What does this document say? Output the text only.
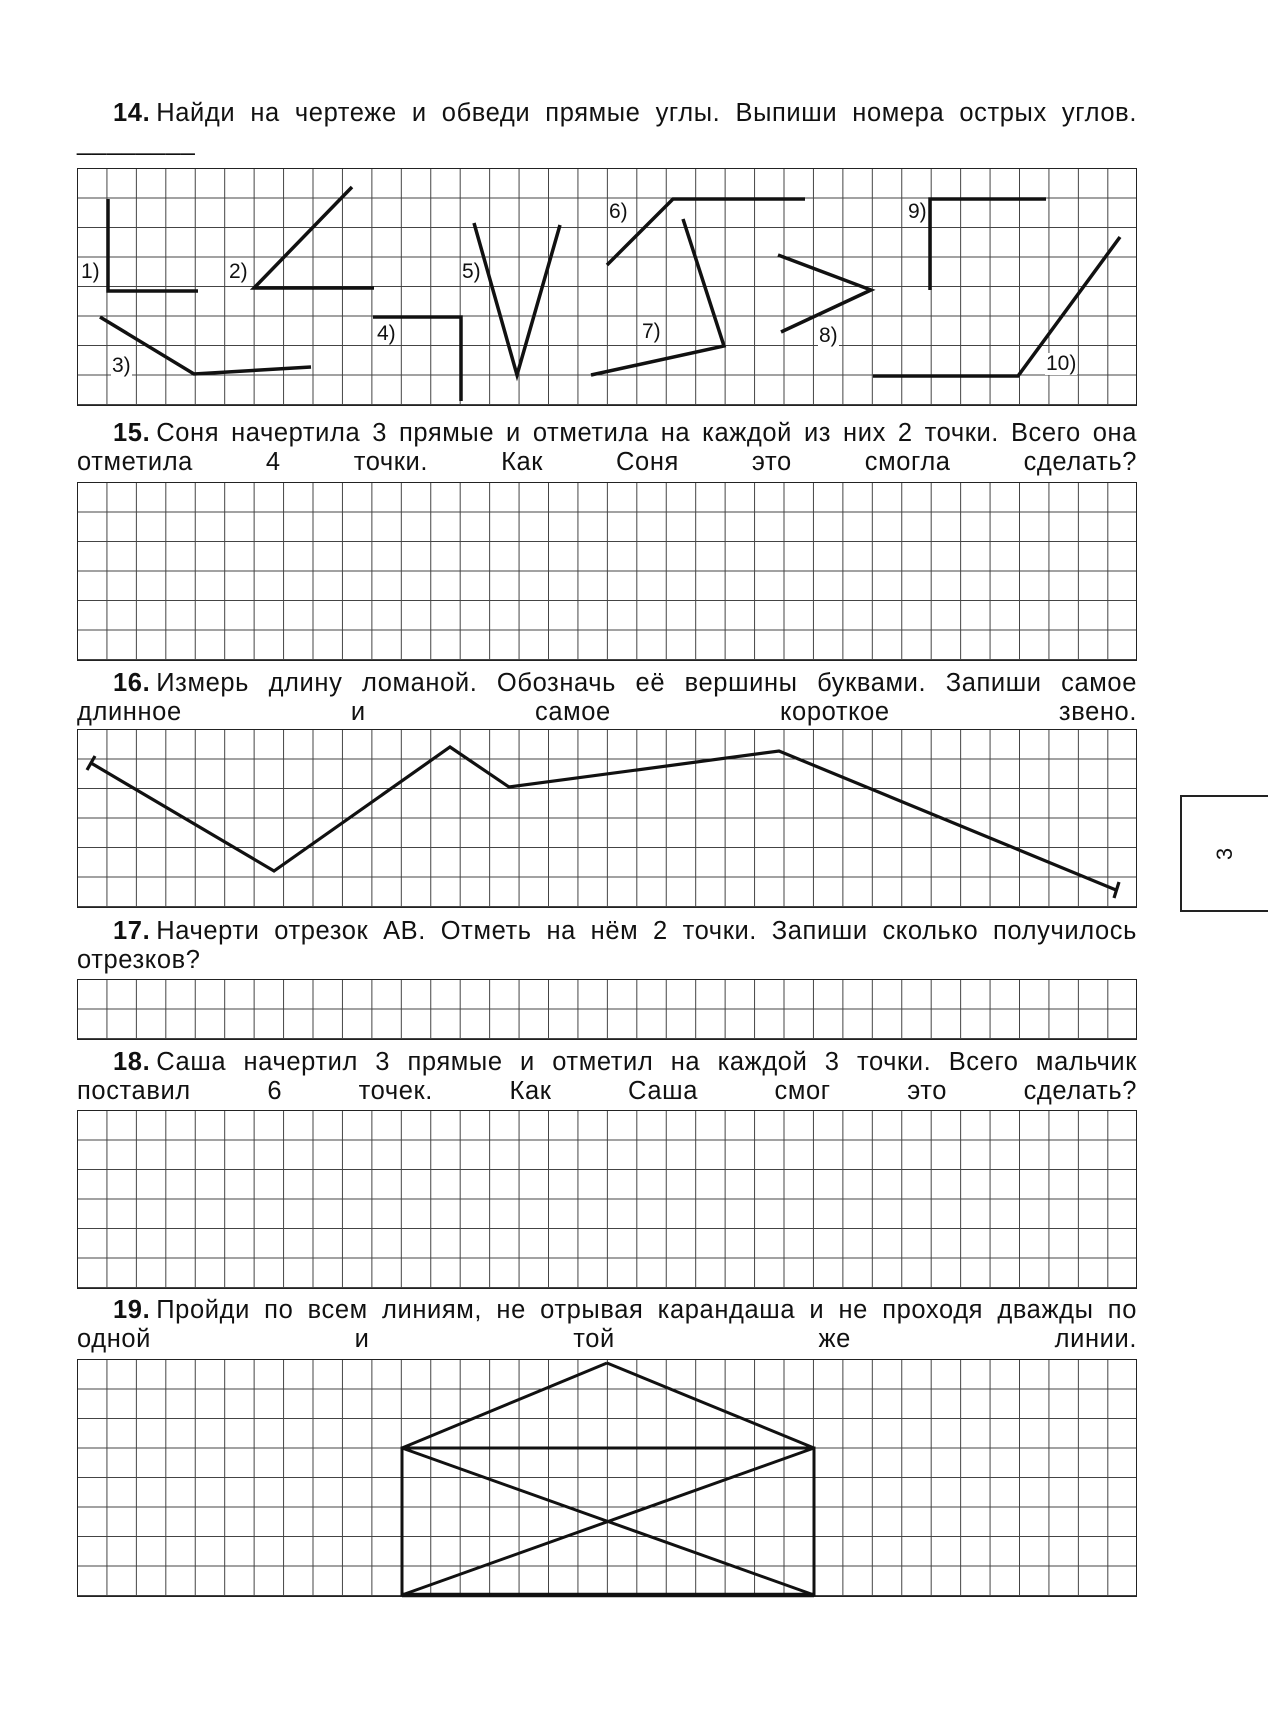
14. Найди на чертеже и обведи прямые углы. Выпиши номера острых углов. ________

1)	2)
3)
4)
5)
6)
7)	8)
9)
10)

15. Соня начертила 3 прямые и отметила на каждой из них 2 точки. Всего она отметила 4 точки. Как Соня это смогла сделать?

16. Измерь длину ломаной. Обозначь её вершины буквами. Запиши самое длинное и самое короткое звено.

17. Начерти отрезок АВ. Отметь на нём 2 точки. Запиши сколько получилось отрезков?

18. Саша начертил 3 прямые и отметил на каждой 3 точки. Всего мальчик поставил 6 точек. Как Саша смог это сделать?

19. Пройди по всем линиям, не отрывая карандаша и не проходя дважды по одной и той же линии.

3
